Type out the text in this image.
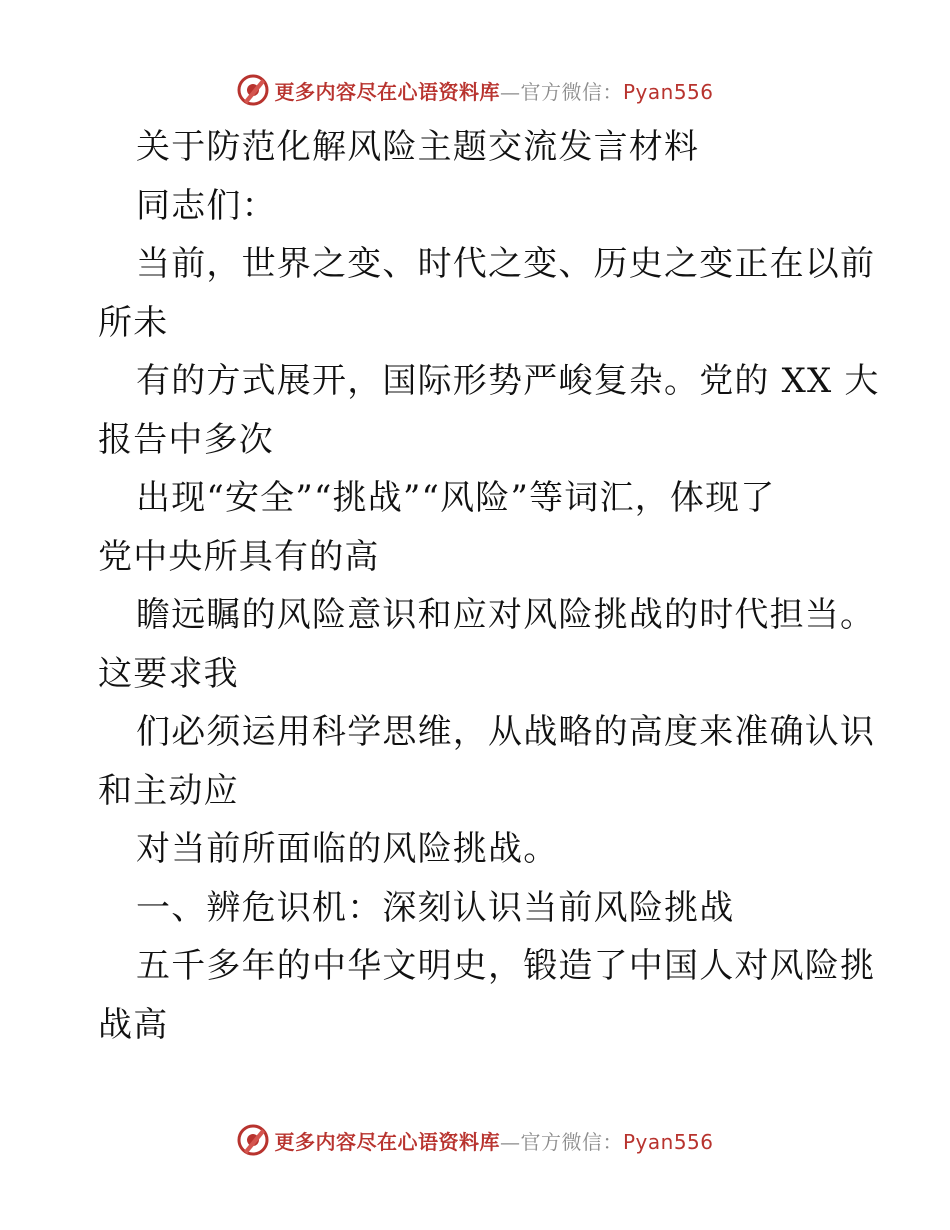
更多内容尽在心语资料库—官方微信：Pyan556
关于防范化解风险主题交流发言材料
同志们：
当前，世界之变、时代之变、历史之变正在以前
所未
有的方式展开，国际形势严峻复杂。党的 XX 大
报告中多次
出现“安全”“挑战”“风险”等词汇，体现了
党中央所具有的高
瞻远瞩的风险意识和应对风险挑战的时代担当。
这要求我
们必须运用科学思维，从战略的高度来准确认识
和主动应
对当前所面临的风险挑战。
一、辨危识机：深刻认识当前风险挑战
五千多年的中华文明史，锻造了中国人对风险挑
战高
更多内容尽在心语资料库—官方微信：Pyan556
